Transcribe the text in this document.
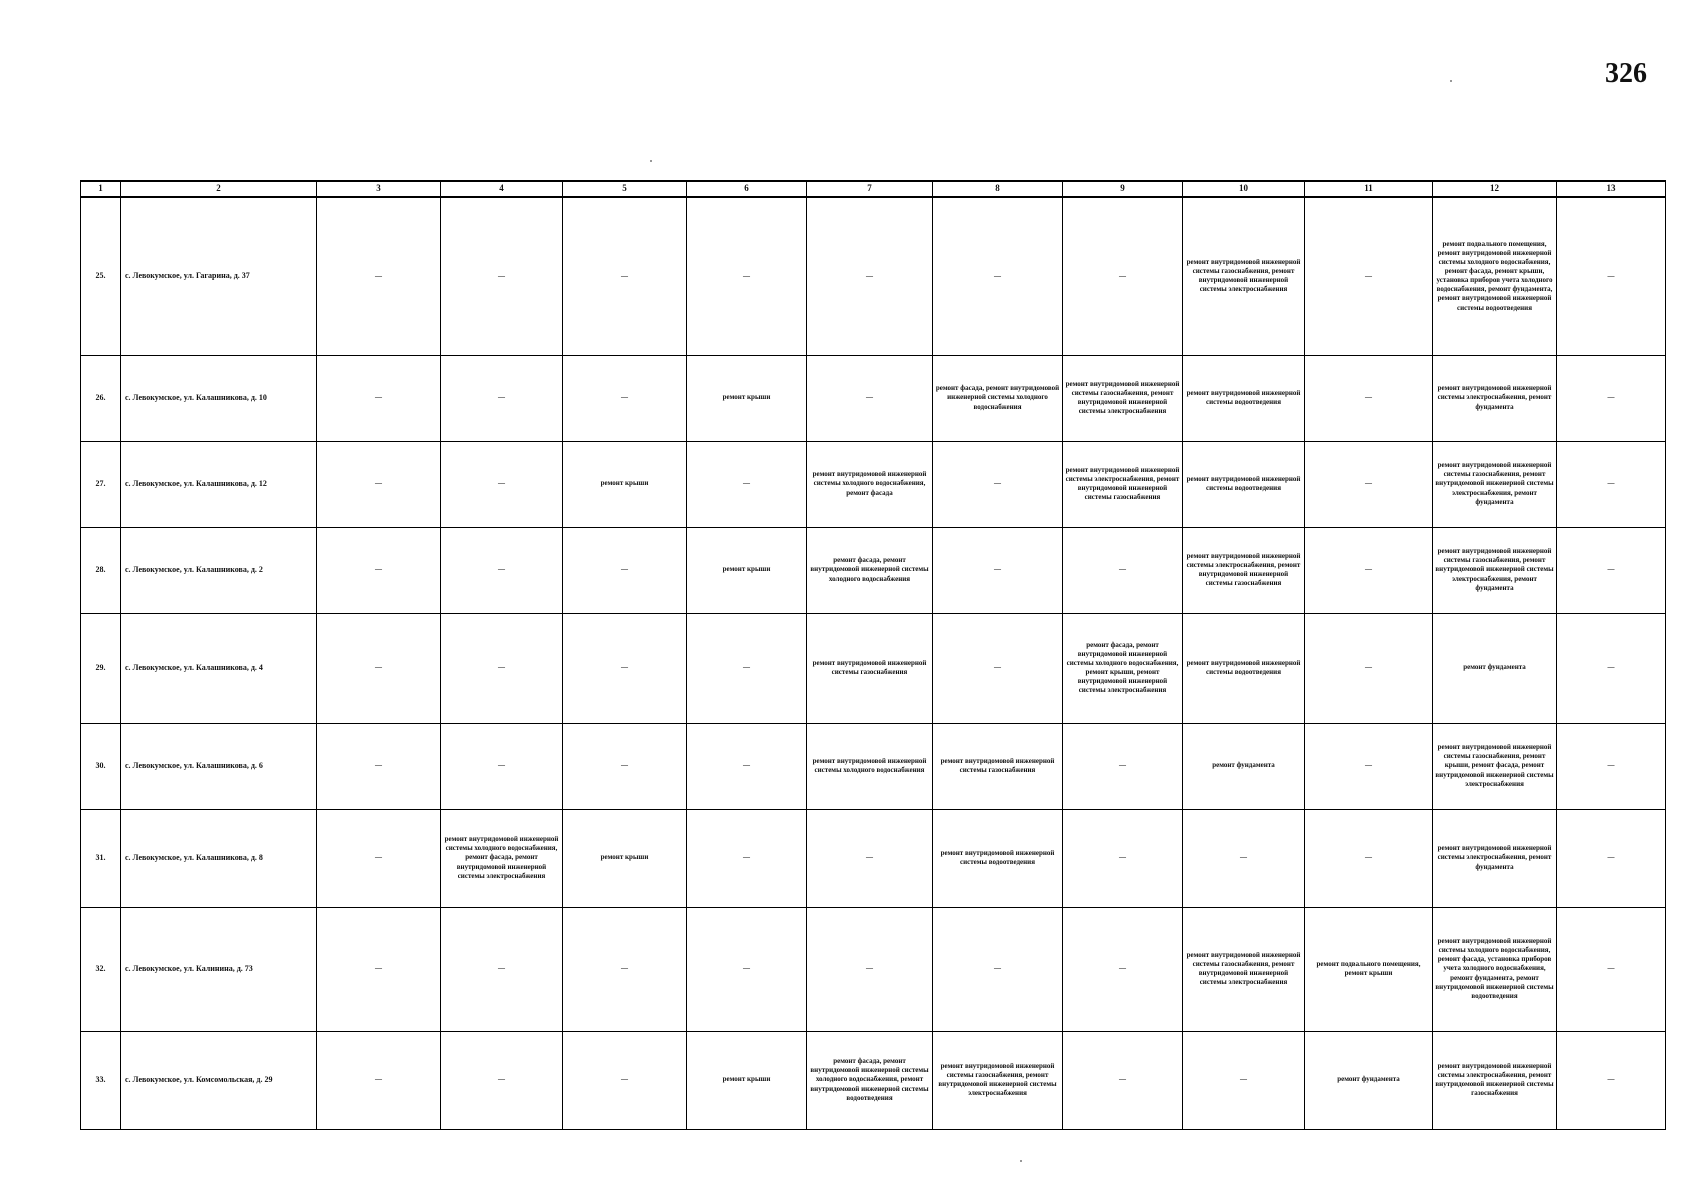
326
1	2	3	4	5	6	7	8	9	10	11	12	13
25.	с. Левокумское, ул. Гагарина, д. 37	—	—	—	—	—	—	—	ремонт внутридомовой инженерной системы газоснабжения, ремонт внутридомовой инженерной системы электроснабжения	—	ремонт подвального помещения, ремонт внутридомовой инженерной системы холодного водоснабжения, ремонт фасада, ремонт крыши, установка приборов учета холодного водоснабжения, ремонт фундамента, ремонт внутридомовой инженерной системы водоотведения	—
26.	с. Левокумское, ул. Калашникова, д. 10	—	—	—	ремонт крыши	—	ремонт фасада, ремонт внутридомовой инженерной системы холодного водоснабжения	ремонт внутридомовой инженерной системы газоснабжения, ремонт внутридомовой инженерной системы электроснабжения	ремонт внутридомовой инженерной системы водоотведения	—	ремонт внутридомовой инженерной системы электроснабжения, ремонт фундамента	—
27.	с. Левокумское, ул. Калашникова, д. 12	—	—	ремонт крыши	—	ремонт внутридомовой инженерной системы холодного водоснабжения, ремонт фасада	—	ремонт внутридомовой инженерной системы электроснабжения, ремонт внутридомовой инженерной системы газоснабжения	ремонт внутридомовой инженерной системы водоотведения	—	ремонт внутридомовой инженерной системы газоснабжения, ремонт внутридомовой инженерной системы электроснабжения, ремонт фундамента	—
28.	с. Левокумское, ул. Калашникова, д. 2	—	—	—	ремонт крыши	ремонт фасада, ремонт внутридомовой инженерной системы холодного водоснабжения	—	—	ремонт внутридомовой инженерной системы электроснабжения, ремонт внутридомовой инженерной системы газоснабжения	—	ремонт внутридомовой инженерной системы газоснабжения, ремонт внутридомовой инженерной системы электроснабжения, ремонт фундамента	—
29.	с. Левокумское, ул. Калашникова, д. 4	—	—	—	—	ремонт внутридомовой инженерной системы газоснабжения	—	ремонт фасада, ремонт внутридомовой инженерной системы холодного водоснабжения, ремонт крыши, ремонт внутридомовой инженерной системы электроснабжения	ремонт внутридомовой инженерной системы водоотведения	—	ремонт фундамента	—
30.	с. Левокумское, ул. Калашникова, д. 6	—	—	—	—	ремонт внутридомовой инженерной системы холодного водоснабжения	ремонт внутридомовой инженерной системы газоснабжения	—	ремонт фундамента	—	ремонт внутридомовой инженерной системы газоснабжения, ремонт крыши, ремонт фасада, ремонт внутридомовой инженерной системы электроснабжения	—
31.	с. Левокумское, ул. Калашникова, д. 8	—	ремонт внутридомовой инженерной системы холодного водоснабжения, ремонт фасада, ремонт внутридомовой инженерной системы электроснабжения	ремонт крыши	—	—	ремонт внутридомовой инженерной системы водоотведения	—	—	—	ремонт внутридомовой инженерной системы электроснабжения, ремонт фундамента	—
32.	с. Левокумское, ул. Калинина, д. 73	—	—	—	—	—	—	—	ремонт внутридомовой инженерной системы газоснабжения, ремонт внутридомовой инженерной системы электроснабжения	ремонт подвального помещения, ремонт крыши	ремонт внутридомовой инженерной системы холодного водоснабжения, ремонт фасада, установка приборов учета холодного водоснабжения, ремонт фундамента, ремонт внутридомовой инженерной системы водоотведения	—
33.	с. Левокумское, ул. Комсомольская, д. 29	—	—	—	ремонт крыши	ремонт фасада, ремонт внутридомовой инженерной системы холодного водоснабжения, ремонт внутридомовой инженерной системы водоотведения	ремонт внутридомовой инженерной системы газоснабжения, ремонт внутридомовой инженерной системы электроснабжения	—	—	ремонт фундамента	ремонт внутридомовой инженерной системы электроснабжения, ремонт внутридомовой инженерной системы газоснабжения	—
